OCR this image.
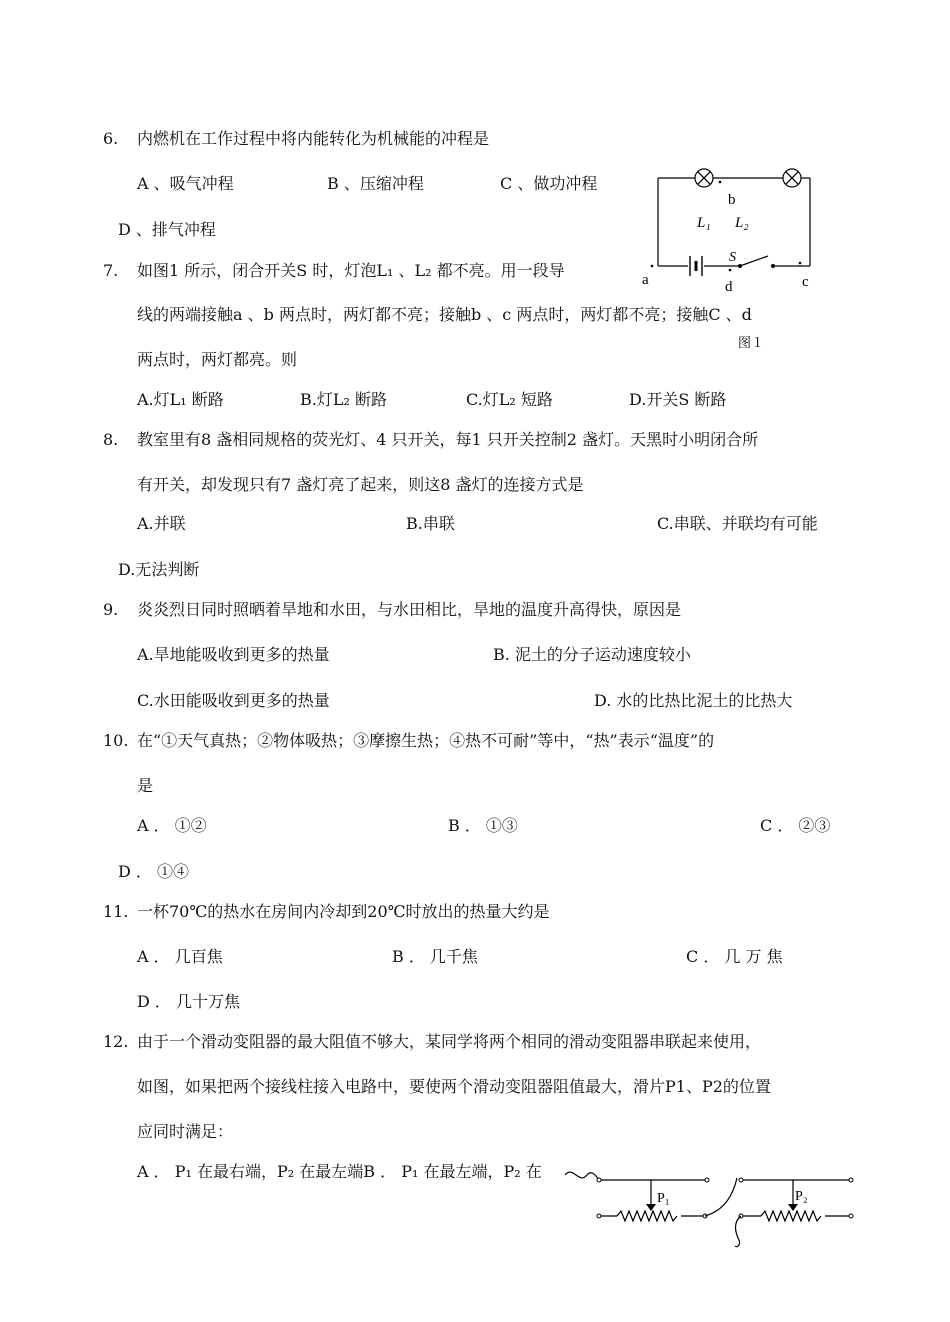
6. 内燃机在工作过程中将内能转化为机械能的冲程是
A 、吸气冲程	B 、压缩冲程	C 、做功冲程
D 、排气冲程
b
L₁ L₂
S
a	d	c
图１
7. 如图1 所示，闭合开关S 时，灯泡L₁ 、L₂ 都不亮。用一段导
线的两端接触a 、b 两点时，两灯都不亮；接触b 、c 两点时，两灯都不亮；接触C 、d
两点时，两灯都亮。则
A.灯L₁ 断路	B.灯L₂ 断路	C.灯L₂ 短路	D.开关S 断路
8. 教室里有8 盏相同规格的荧光灯、4 只开关，每1 只开关控制2 盏灯。天黑时小明闭合所
有开关，却发现只有7 盏灯亮了起来，则这8 盏灯的连接方式是
A.并联	B.串联	C.串联、并联均有可能
D.无法判断
9. 炎炎烈日同时照晒着旱地和水田，与水田相比，旱地的温度升高得快，原因是
A.旱地能吸收到更多的热量	B. 泥土的分子运动速度较小
C.水田能吸收到更多的热量	D. 水的比热比泥土的比热大
10. 在“①天气真热；②物体吸热；③摩擦生热；④热不可耐”等中，“热”表示“温度”的
是
A ． ①②	B ． ①③	C ． ②③
D ． ①④
11. 一杯70℃的热水在房间内冷却到20℃时放出的热量大约是
A ． 几百焦	B ． 几千焦	C ． 几 万 焦
D ． 几十万焦
12. 由于一个滑动变阻器的最大阻值不够大，某同学将两个相同的滑动变阻器串联起来使用，
如图，如果把两个接线柱接入电路中，要使两个滑动变阻器阻值最大，滑片P1、P2的位置
应同时满足：
A ． P₁ 在最右端，P₂ 在最左端B ． P₁ 在最左端，P₂ 在
P₁	P₂
